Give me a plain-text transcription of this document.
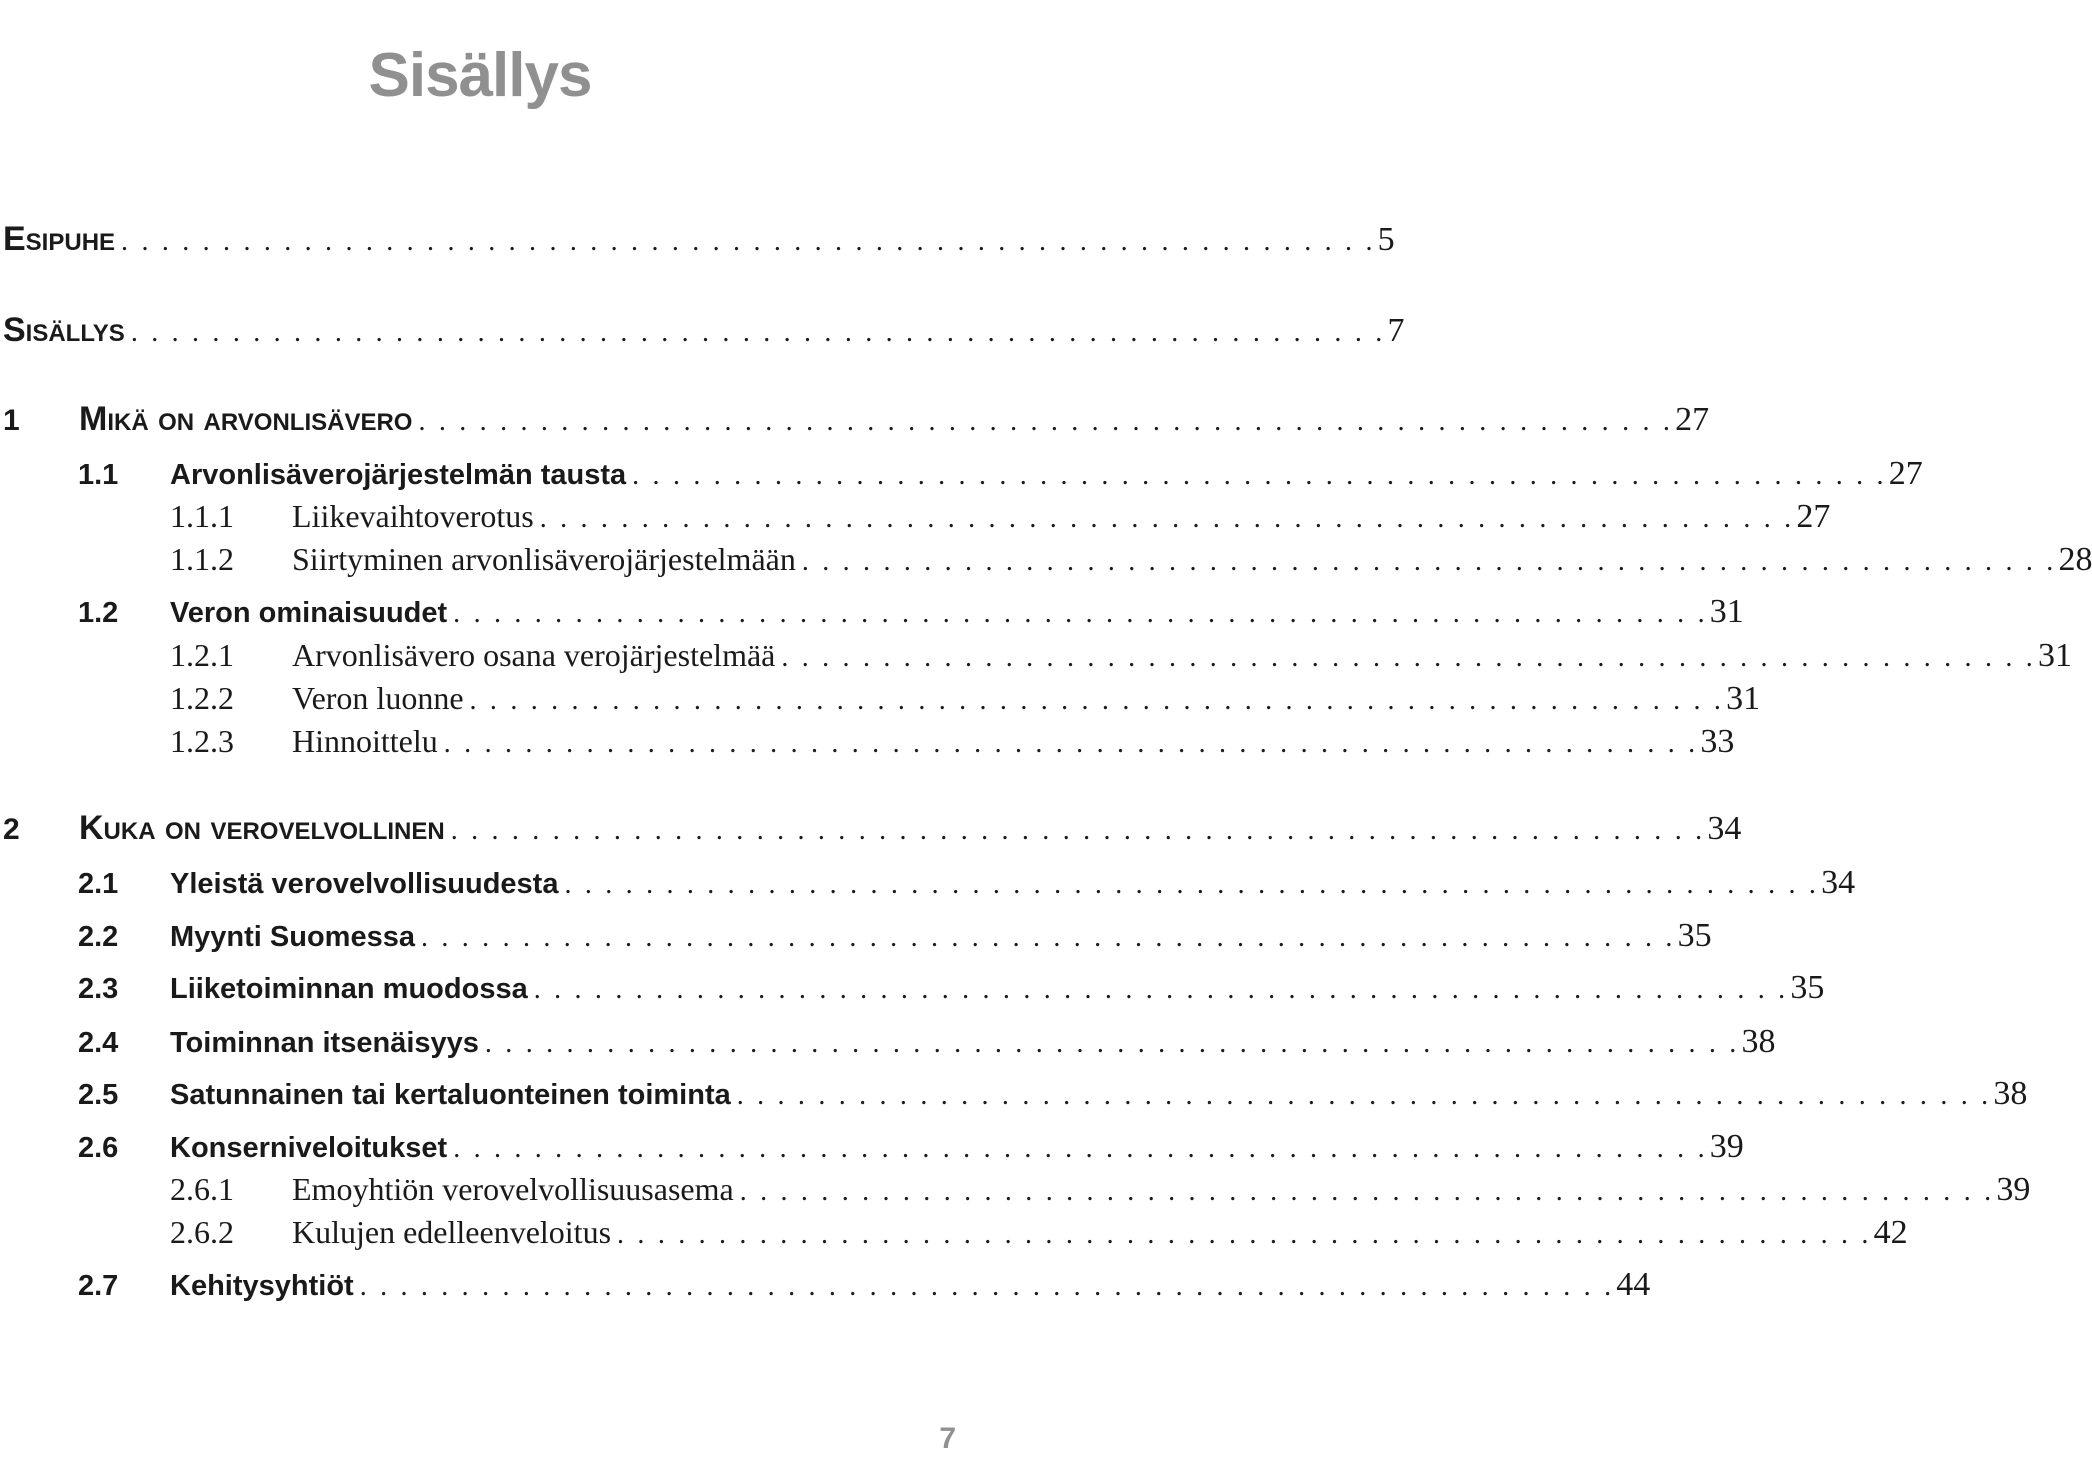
Sisällys
Esipuhe . . . . . . . . . . . . . . . . . . . . . . . . . . . . . . . . . . . . . . . . . . . . . . . . . . . . . . . . . . . . . . 5
Sisällys . . . . . . . . . . . . . . . . . . . . . . . . . . . . . . . . . . . . . . . . . . . . . . . . . . . . . . . . . . . . . . 7
1	Mikä on arvonlisävero . . . . . . . . . . . . . . . . . . . . . . . . . . . . . . . . . . . . . . . . . . . . . . . . . . . . . . . . . . . . . . 27
1.1	Arvonlisäverojärjestelmän tausta . . . . . . . . . . . . . . . . . . . . . . . . . . . . . . . . . . . . . . . . . . . . . . . . . . . . . . . . . . . . . . 27
1.1.1	Liikevaihtoverotus . . . . . . . . . . . . . . . . . . . . . . . . . . . . . . . . . . . . . . . . . . . . . . . . . . . . . . . . . . . . . . 27
1.1.2	Siirtyminen arvonlisäverojärjestelmään . . . . . . . . . . . . . . . . . . . . . . . . . . . . . . . . . . . . . . . . . . . . . . . . . . . . . . . . . . . . . . 28
1.2	Veron ominaisuudet . . . . . . . . . . . . . . . . . . . . . . . . . . . . . . . . . . . . . . . . . . . . . . . . . . . . . . . . . . . . . . 31
1.2.1	Arvonlisävero osana verojärjestelmää . . . . . . . . . . . . . . . . . . . . . . . . . . . . . . . . . . . . . . . . . . . . . . . . . . . . . . . . . . . . . . 31
1.2.2	Veron luonne . . . . . . . . . . . . . . . . . . . . . . . . . . . . . . . . . . . . . . . . . . . . . . . . . . . . . . . . . . . . . . 31
1.2.3	Hinnoittelu . . . . . . . . . . . . . . . . . . . . . . . . . . . . . . . . . . . . . . . . . . . . . . . . . . . . . . . . . . . . . . 33
2	Kuka on verovelvollinen . . . . . . . . . . . . . . . . . . . . . . . . . . . . . . . . . . . . . . . . . . . . . . . . . . . . . . . . . . . . . . 34
2.1	Yleistä verovelvollisuudesta . . . . . . . . . . . . . . . . . . . . . . . . . . . . . . . . . . . . . . . . . . . . . . . . . . . . . . . . . . . . . . 34
2.2	Myynti Suomessa . . . . . . . . . . . . . . . . . . . . . . . . . . . . . . . . . . . . . . . . . . . . . . . . . . . . . . . . . . . . . . 35
2.3	Liiketoiminnan muodossa . . . . . . . . . . . . . . . . . . . . . . . . . . . . . . . . . . . . . . . . . . . . . . . . . . . . . . . . . . . . . . 35
2.4	Toiminnan itsenäisyys . . . . . . . . . . . . . . . . . . . . . . . . . . . . . . . . . . . . . . . . . . . . . . . . . . . . . . . . . . . . . . 38
2.5	Satunnainen tai kertaluonteinen toiminta . . . . . . . . . . . . . . . . . . . . . . . . . . . . . . . . . . . . . . . . . . . . . . . . . . . . . . . . . . . . . . 38
2.6	Konserniveloitukset . . . . . . . . . . . . . . . . . . . . . . . . . . . . . . . . . . . . . . . . . . . . . . . . . . . . . . . . . . . . . . 39
2.6.1	Emoyhtiön verovelvollisuusasema . . . . . . . . . . . . . . . . . . . . . . . . . . . . . . . . . . . . . . . . . . . . . . . . . . . . . . . . . . . . . . 39
2.6.2	Kulujen edelleenveloitus . . . . . . . . . . . . . . . . . . . . . . . . . . . . . . . . . . . . . . . . . . . . . . . . . . . . . . . . . . . . . . 42
2.7	Kehitysyhtiöt . . . . . . . . . . . . . . . . . . . . . . . . . . . . . . . . . . . . . . . . . . . . . . . . . . . . . . . . . . . . . . 44
7
